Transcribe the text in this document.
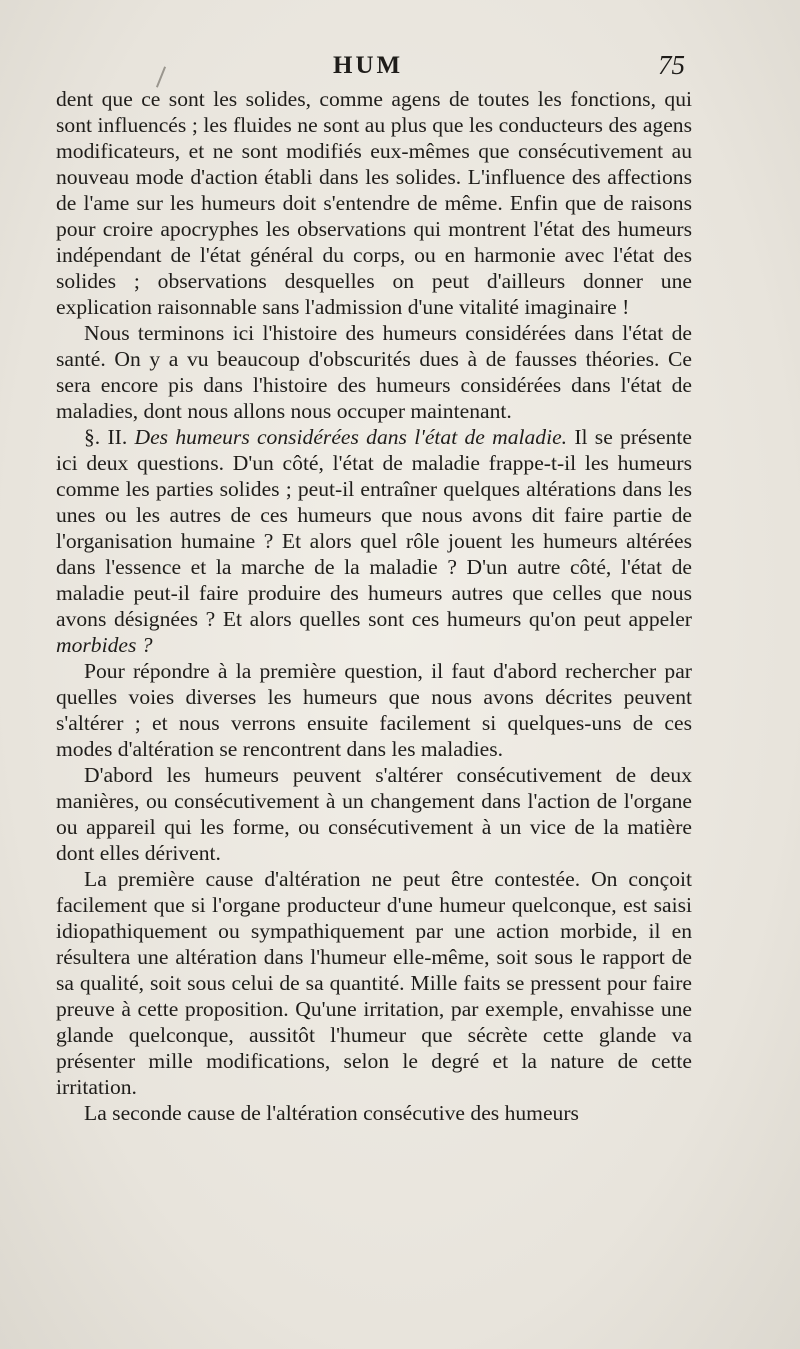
HUM	75

dent que ce sont les solides, comme agens de toutes les fonctions, qui sont influencés ; les fluides ne sont au plus que les conducteurs des agens modificateurs, et ne sont modifiés eux-mêmes que consécutivement au nouveau mode d'action établi dans les solides. L'influence des affections de l'ame sur les humeurs doit s'entendre de même. Enfin que de raisons pour croire apocryphes les observations qui montrent l'état des humeurs indépendant de l'état général du corps, ou en harmonie avec l'état des solides ; observations desquelles on peut d'ailleurs donner une explication raisonnable sans l'admission d'une vitalité imaginaire !

Nous terminons ici l'histoire des humeurs considérées dans l'état de santé. On y a vu beaucoup d'obscurités dues à de fausses théories. Ce sera encore pis dans l'histoire des humeurs considérées dans l'état de maladies, dont nous allons nous occuper maintenant.

§. II. Des humeurs considérées dans l'état de maladie. Il se présente ici deux questions. D'un côté, l'état de maladie frappe-t-il les humeurs comme les parties solides ; peut-il entraîner quelques altérations dans les unes ou les autres de ces humeurs que nous avons dit faire partie de l'organisation humaine ? Et alors quel rôle jouent les humeurs altérées dans l'essence et la marche de la maladie ? D'un autre côté, l'état de maladie peut-il faire produire des humeurs autres que celles que nous avons désignées ? Et alors quelles sont ces humeurs qu'on peut appeler morbides ?

Pour répondre à la première question, il faut d'abord rechercher par quelles voies diverses les humeurs que nous avons décrites peuvent s'altérer ; et nous verrons ensuite facilement si quelques-uns de ces modes d'altération se rencontrent dans les maladies.

D'abord les humeurs peuvent s'altérer consécutivement de deux manières, ou consécutivement à un changement dans l'action de l'organe ou appareil qui les forme, ou consécutivement à un vice de la matière dont elles dérivent.

La première cause d'altération ne peut être contestée. On conçoit facilement que si l'organe producteur d'une humeur quelconque, est saisi idiopathiquement ou sympathiquement par une action morbide, il en résultera une altération dans l'humeur elle-même, soit sous le rapport de sa qualité, soit sous celui de sa quantité. Mille faits se pressent pour faire preuve à cette proposition. Qu'une irritation, par exemple, envahisse une glande quelconque, aussitôt l'humeur que sécrète cette glande va présenter mille modifications, selon le degré et la nature de cette irritation.

La seconde cause de l'altération consécutive des humeurs
